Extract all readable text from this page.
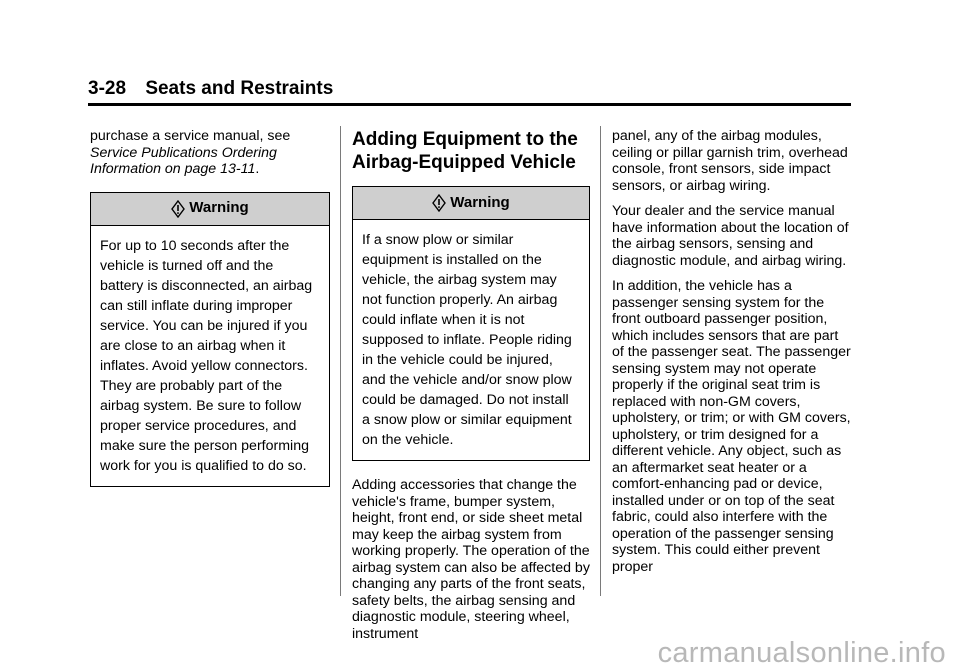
3-28 Seats and Restraints

purchase a service manual, see Service Publications Ordering Information on page 13-11.

Warning
For up to 10 seconds after the vehicle is turned off and the battery is disconnected, an airbag can still inflate during improper service. You can be injured if you are close to an airbag when it inflates. Avoid yellow connectors. They are probably part of the airbag system. Be sure to follow proper service procedures, and make sure the person performing work for you is qualified to do so.
Adding Equipment to the Airbag-Equipped Vehicle
Warning
If a snow plow or similar equipment is installed on the vehicle, the airbag system may not function properly. An airbag could inflate when it is not supposed to inflate. People riding in the vehicle could be injured, and the vehicle and/or snow plow could be damaged. Do not install a snow plow or similar equipment on the vehicle.

Adding accessories that change the vehicle's frame, bumper system, height, front end, or side sheet metal may keep the airbag system from working properly. The operation of the airbag system can also be affected by changing any parts of the front seats, safety belts, the airbag sensing and diagnostic module, steering wheel, instrument

panel, any of the airbag modules, ceiling or pillar garnish trim, overhead console, front sensors, side impact sensors, or airbag wiring.

Your dealer and the service manual have information about the location of the airbag sensors, sensing and diagnostic module, and airbag wiring.

In addition, the vehicle has a passenger sensing system for the front outboard passenger position, which includes sensors that are part of the passenger seat. The passenger sensing system may not operate properly if the original seat trim is replaced with non-GM covers, upholstery, or trim; or with GM covers, upholstery, or trim designed for a different vehicle. Any object, such as an aftermarket seat heater or a comfort-enhancing pad or device, installed under or on top of the seat fabric, could also interfere with the operation of the passenger sensing system. This could either prevent proper

carmanualsonline.info
